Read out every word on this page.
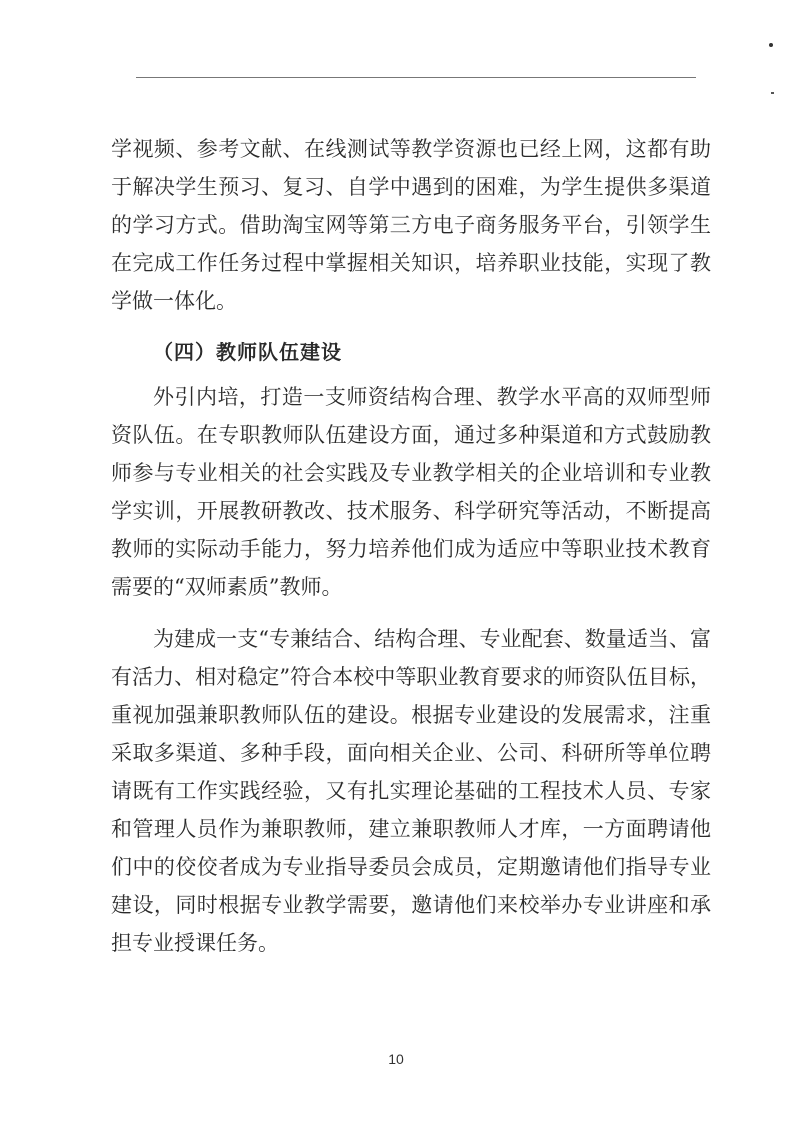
学视频、参考文献、在线测试等教学资源也已经上网，这都有助于解决学生预习、复习、自学中遇到的困难，为学生提供多渠道的学习方式。借助淘宝网等第三方电子商务服务平台，引领学生在完成工作任务过程中掌握相关知识，培养职业技能，实现了教学做一体化。

（四）教师队伍建设

外引内培，打造一支师资结构合理、教学水平高的双师型师资队伍。在专职教师队伍建设方面，通过多种渠道和方式鼓励教师参与专业相关的社会实践及专业教学相关的企业培训和专业教学实训，开展教研教改、技术服务、科学研究等活动，不断提高教师的实际动手能力，努力培养他们成为适应中等职业技术教育需要的“双师素质”教师。

为建成一支“专兼结合、结构合理、专业配套、数量适当、富有活力、相对稳定”符合本校中等职业教育要求的师资队伍目标，重视加强兼职教师队伍的建设。根据专业建设的发展需求，注重采取多渠道、多种手段，面向相关企业、公司、科研所等单位聘请既有工作实践经验，又有扎实理论基础的工程技术人员、专家和管理人员作为兼职教师，建立兼职教师人才库，一方面聘请他们中的佼佼者成为专业指导委员会成员，定期邀请他们指导专业建设，同时根据专业教学需要，邀请他们来校举办专业讲座和承担专业授课任务。

10
